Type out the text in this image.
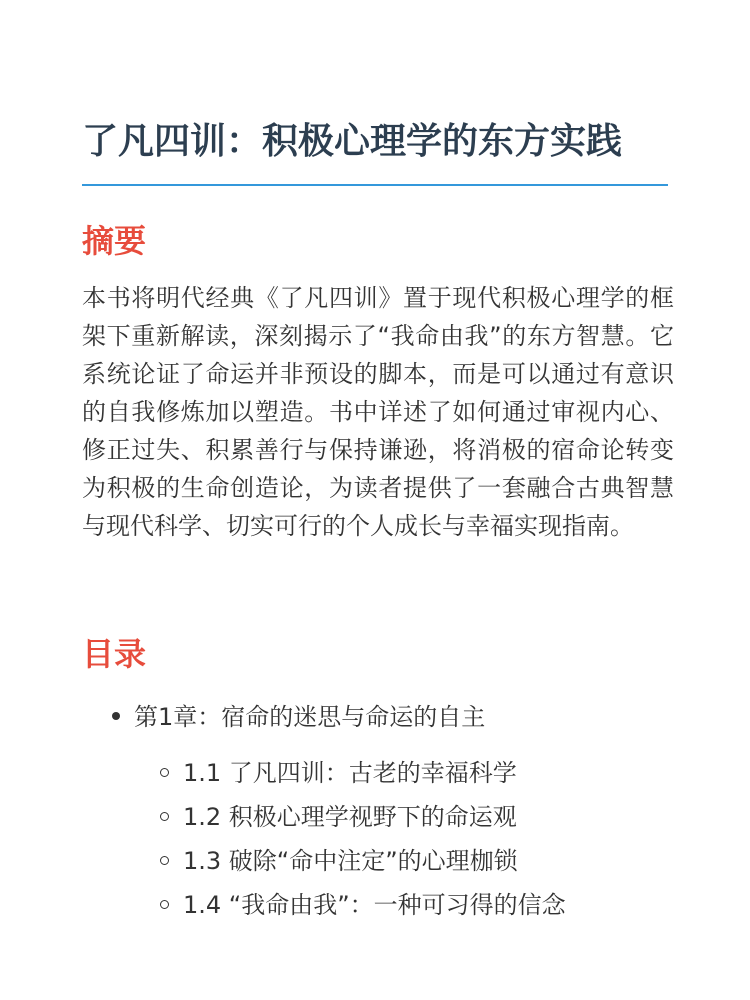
了凡四训：积极心理学的东方实践
摘要
本书将明代经典《了凡四训》置于现代积极心理学的框架下重新解读，深刻揭示了“我命由我”的东方智慧。它系统论证了命运并非预设的脚本，而是可以通过有意识的自我修炼加以塑造。书中详述了如何通过审视内心、修正过失、积累善行与保持谦逊，将消极的宿命论转变为积极的生命创造论，为读者提供了一套融合古典智慧与现代科学、切实可行的个人成长与幸福实现指南。
目录
第1章：宿命的迷思与命运的自主
1.1 了凡四训：古老的幸福科学
1.2 积极心理学视野下的命运观
1.3 破除“命中注定”的心理枷锁
1.4 “我命由我”：一种可习得的信念
